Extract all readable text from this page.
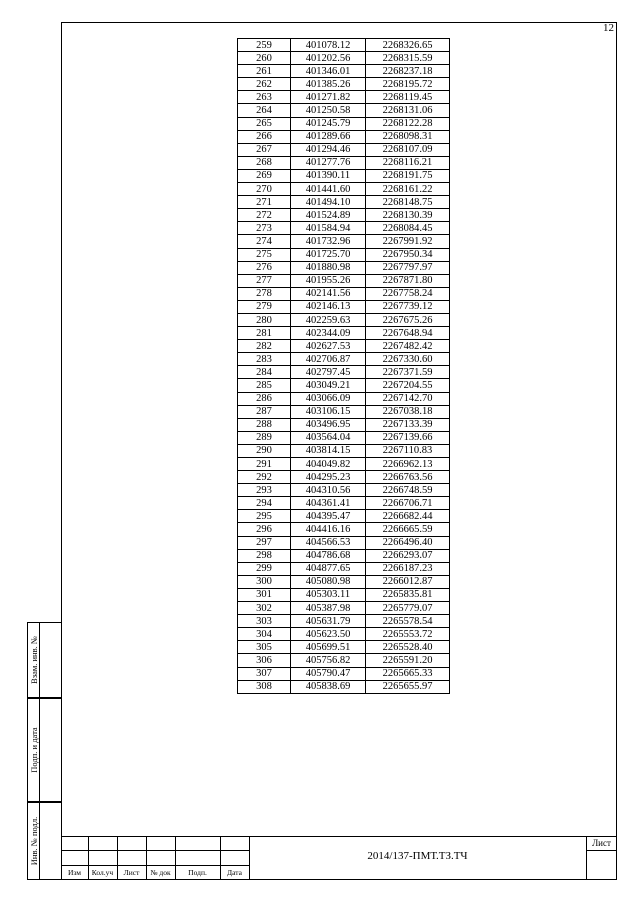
12
259	401078.12	2268326.65
260	401202.56	2268315.59
261	401346.01	2268237.18
262	401385.26	2268195.72
263	401271.82	2268119.45
264	401250.58	2268131.06
265	401245.79	2268122.28
266	401289.66	2268098.31
267	401294.46	2268107.09
268	401277.76	2268116.21
269	401390.11	2268191.75
270	401441.60	2268161.22
271	401494.10	2268148.75
272	401524.89	2268130.39
273	401584.94	2268084.45
274	401732.96	2267991.92
275	401725.70	2267950.34
276	401880.98	2267797.97
277	401955.26	2267871.80
278	402141.56	2267758.24
279	402146.13	2267739.12
280	402259.63	2267675.26
281	402344.09	2267648.94
282	402627.53	2267482.42
283	402706.87	2267330.60
284	402797.45	2267371.59
285	403049.21	2267204.55
286	403066.09	2267142.70
287	403106.15	2267038.18
288	403496.95	2267133.39
289	403564.04	2267139.66
290	403814.15	2267110.83
291	404049.82	2266962.13
292	404295.23	2266763.56
293	404310.56	2266748.59
294	404361.41	2266706.71
295	404395.47	2266682.44
296	404416.16	2266665.59
297	404566.53	2266496.40
298	404786.68	2266293.07
299	404877.65	2266187.23
300	405080.98	2266012.87
301	405303.11	2265835.81
302	405387.98	2265779.07
303	405631.79	2265578.54
304	405623.50	2265553.72
305	405699.51	2265528.40
306	405756.82	2265591.20
307	405790.47	2265665.33
308	405838.69	2265655.97
Взам. инв. №
Подп. и дата
Инв. № подл.
Изм	Кол.уч	Лист	№ док	Подп.	Дата
2014/137-ПМТ.ТЗ.ТЧ
Лист
